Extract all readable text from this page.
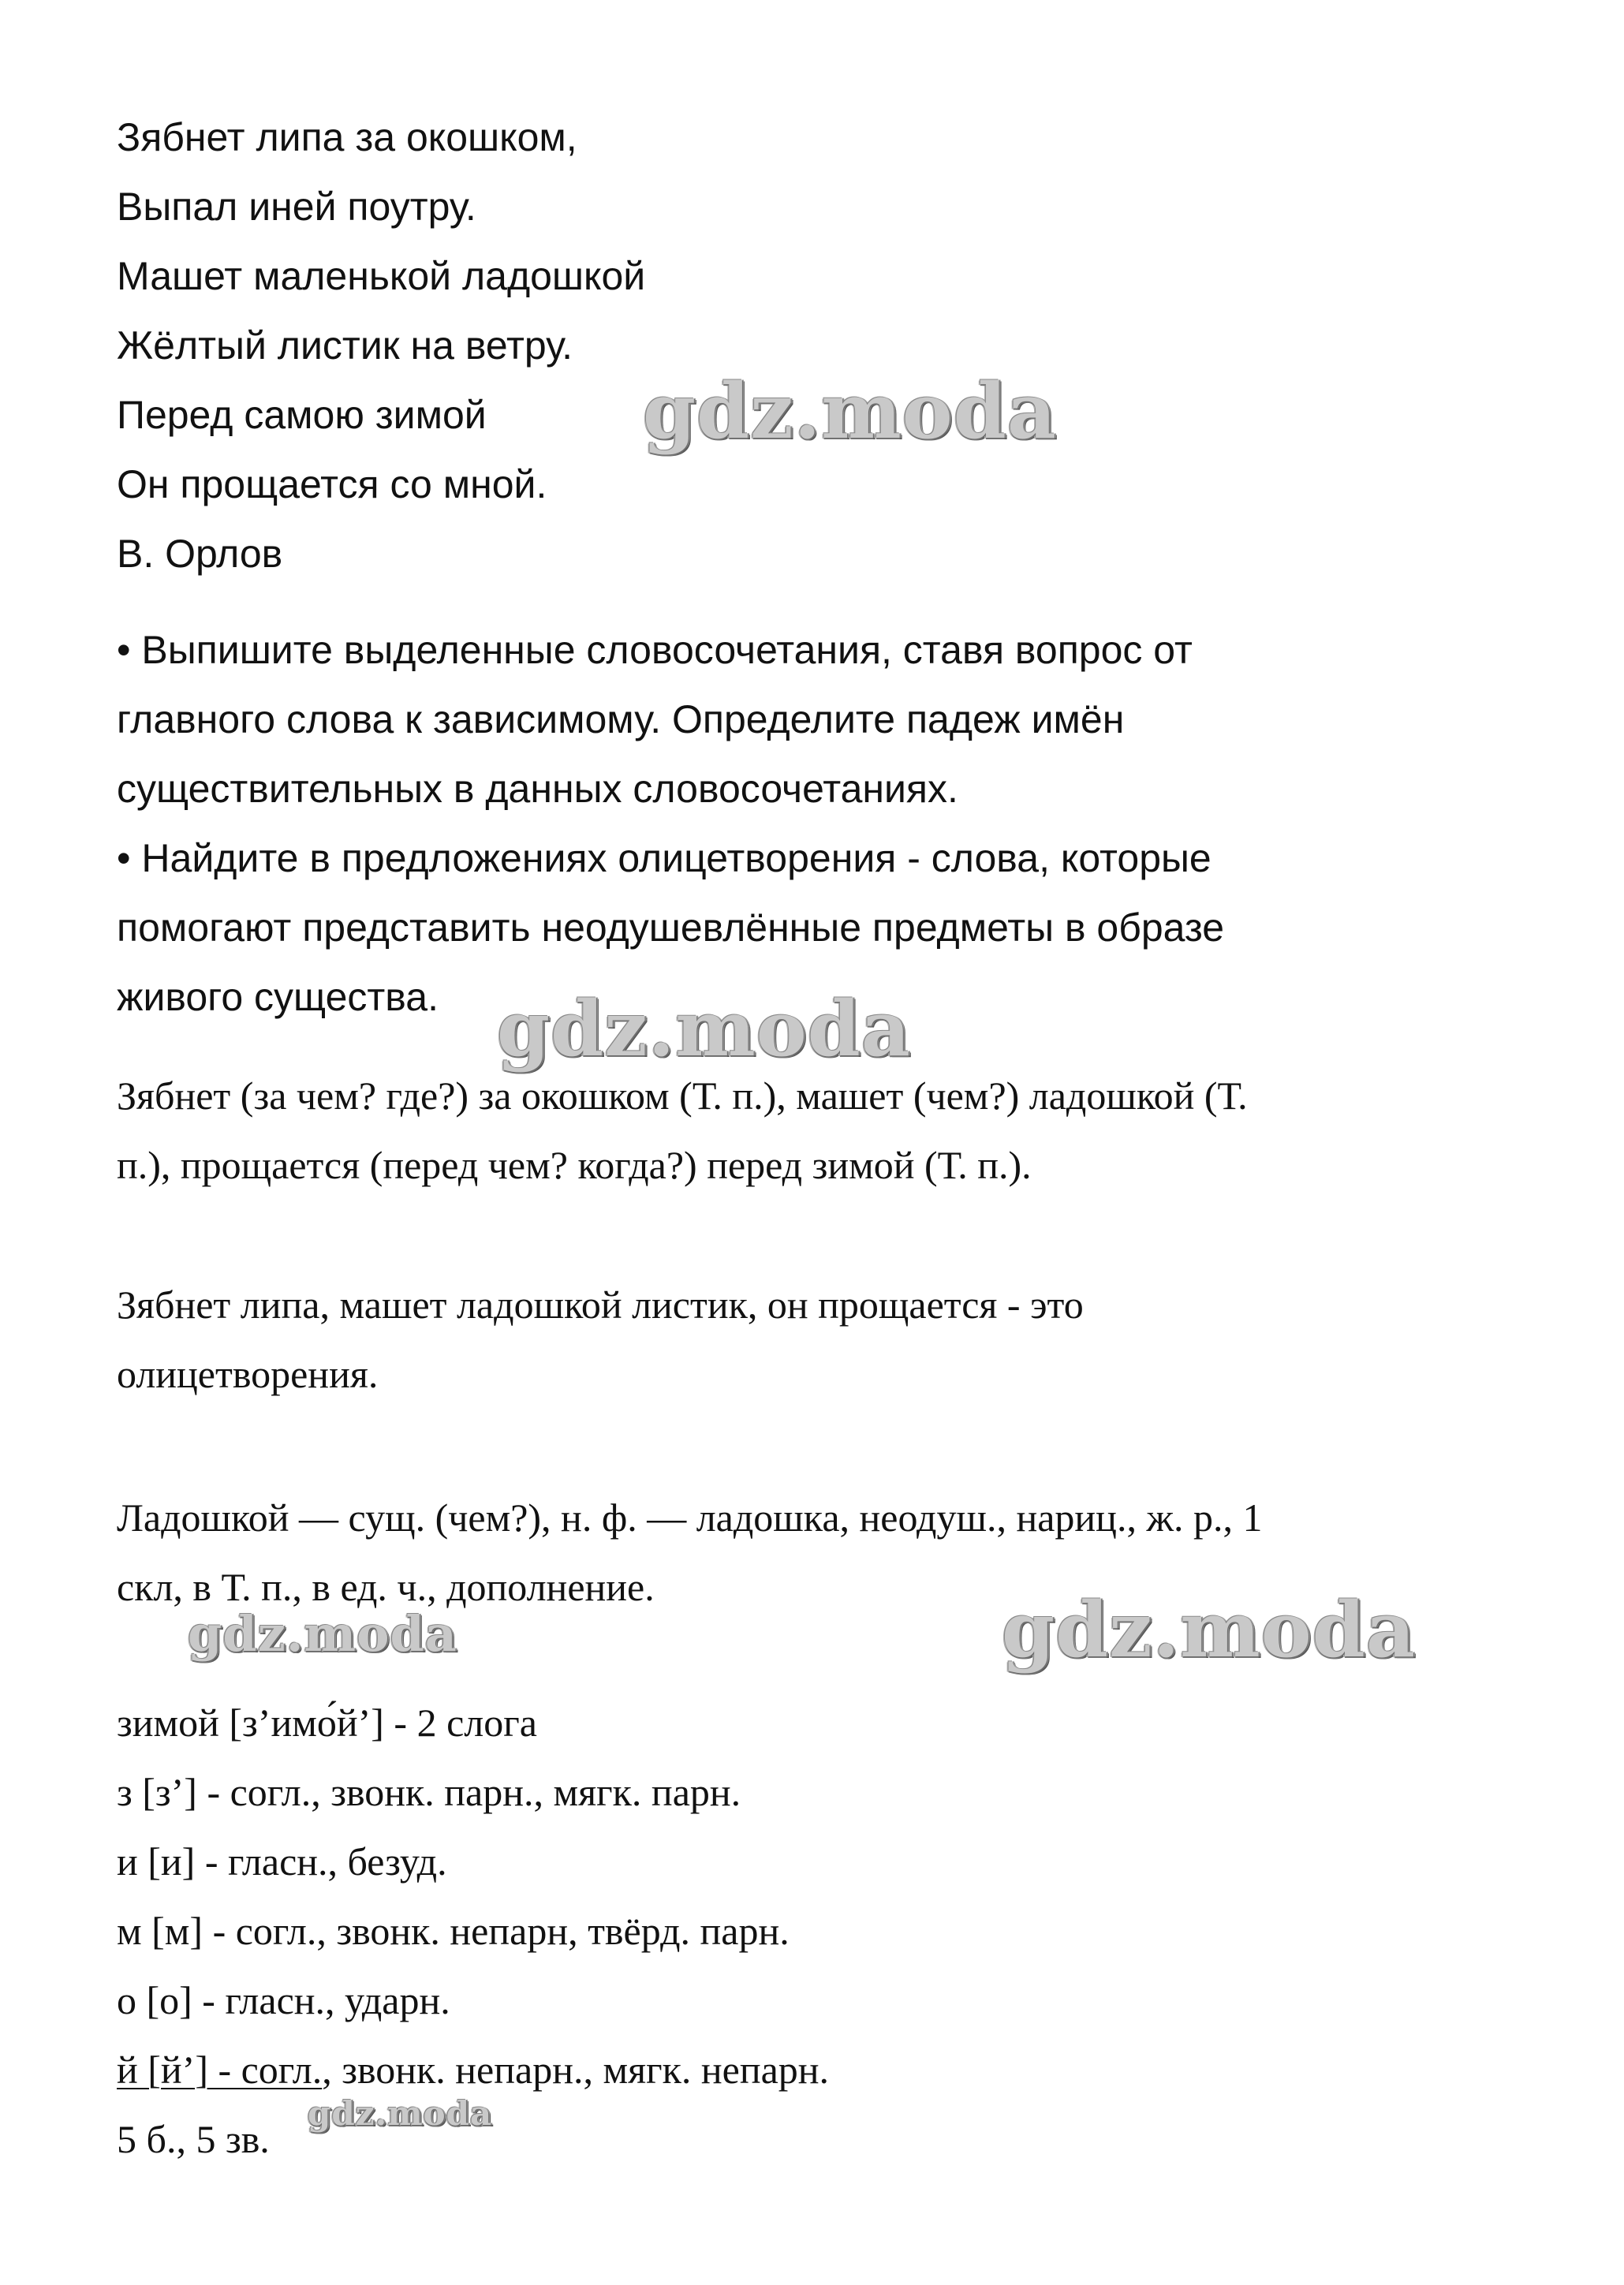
Зябнет липа за окошком,
Выпал иней поутру.
Машет маленькой ладошкой
Жёлтый листик на ветру.
Перед самою зимой
Он прощается со мной.
В. Орлов
• Выпишите выделенные словосочетания, ставя вопрос от
главного слова к зависимому. Определите падеж имён
существительных в данных словосочетаниях.
• Найдите в предложениях олицетворения - слова, которые
помогают представить неодушевлённые предметы в образе
живого существа.
Зябнет (за чем? где?) за окошком (Т. п.), машет (чем?) ладошкой (Т.
п.), прощается (перед чем? когда?) перед зимой (Т. п.).
Зябнет липа, машет ладошкой листик, он прощается - это
олицетворения.
Ладошкой — сущ. (чем?), н. ф. — ладошка, неодуш., нариц., ж. р., 1
скл, в Т. п., в ед. ч., дополнение.
зимой [з’имо́й’] - 2 слога
з [з’] - согл., звонк. парн., мягк. парн.
и [и] - гласн., безуд.
м [м] - согл., звонк. непарн, твёрд. парн.
о [о] - гласн., ударн.
й [й’] - согл., звонк. непарн., мягк. непарн.
5 б., 5 зв.
gdz.moda
gdz.moda
gdz.moda	gdz.moda
gdz.moda
